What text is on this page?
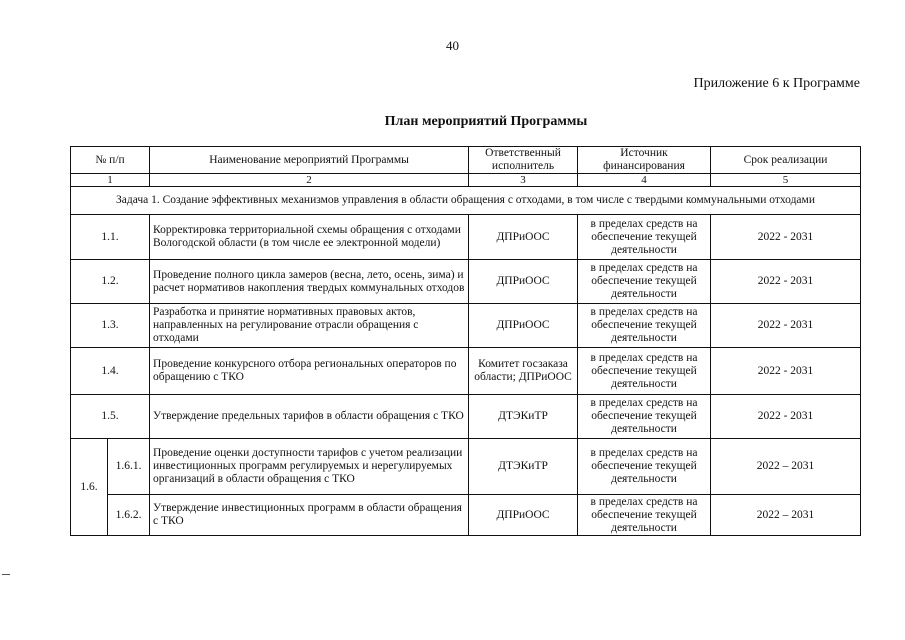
40
Приложение 6 к Программе
План мероприятий Программы
№ п/п		Наименование мероприятий Программы	Ответственный исполнитель	Источник финансирования	Срок реализации
1		2	3	4	5
Задача 1. Создание эффективных механизмов управления в области обращения с отходами, в том числе с твердыми коммунальными отходами					
1.1.		Корректировка территориальной схемы обращения с отходами Вологодской области (в том числе ее электронной модели)	ДПРиООС	в пределах средств на обеспечение текущей деятельности	2022 - 2031
1.2.		Проведение полного цикла замеров (весна, лето, осень, зима) и расчет нормативов накопления твердых коммунальных отходов	ДПРиООС	в пределах средств на обеспечение текущей деятельности	2022 - 2031
1.3.		Разработка и принятие нормативных правовых актов, направленных на регулирование отрасли обращения с отходами	ДПРиООС	в пределах средств на обеспечение текущей деятельности	2022 - 2031
1.4.		Проведение конкурсного отбора региональных операторов по обращению с ТКО	Комитет госзаказа области; ДПРиООС	в пределах средств на обеспечение текущей деятельности	2022 - 2031
1.5.		Утверждение предельных тарифов в области обращения с ТКО	ДТЭКиТР	в пределах средств на обеспечение текущей деятельности	2022 - 2031
1.6.	1.6.1.	Проведение оценки доступности тарифов с учетом реализации инвестиционных программ регулируемых и нерегулируемых организаций в области обращения с ТКО	ДТЭКиТР	в пределах средств на обеспечение текущей деятельности	2022 – 2031
	1.6.2.	Утверждение инвестиционных программ в области обращения с ТКО	ДПРиООС	в пределах средств на обеспечение текущей деятельности	2022 – 2031
